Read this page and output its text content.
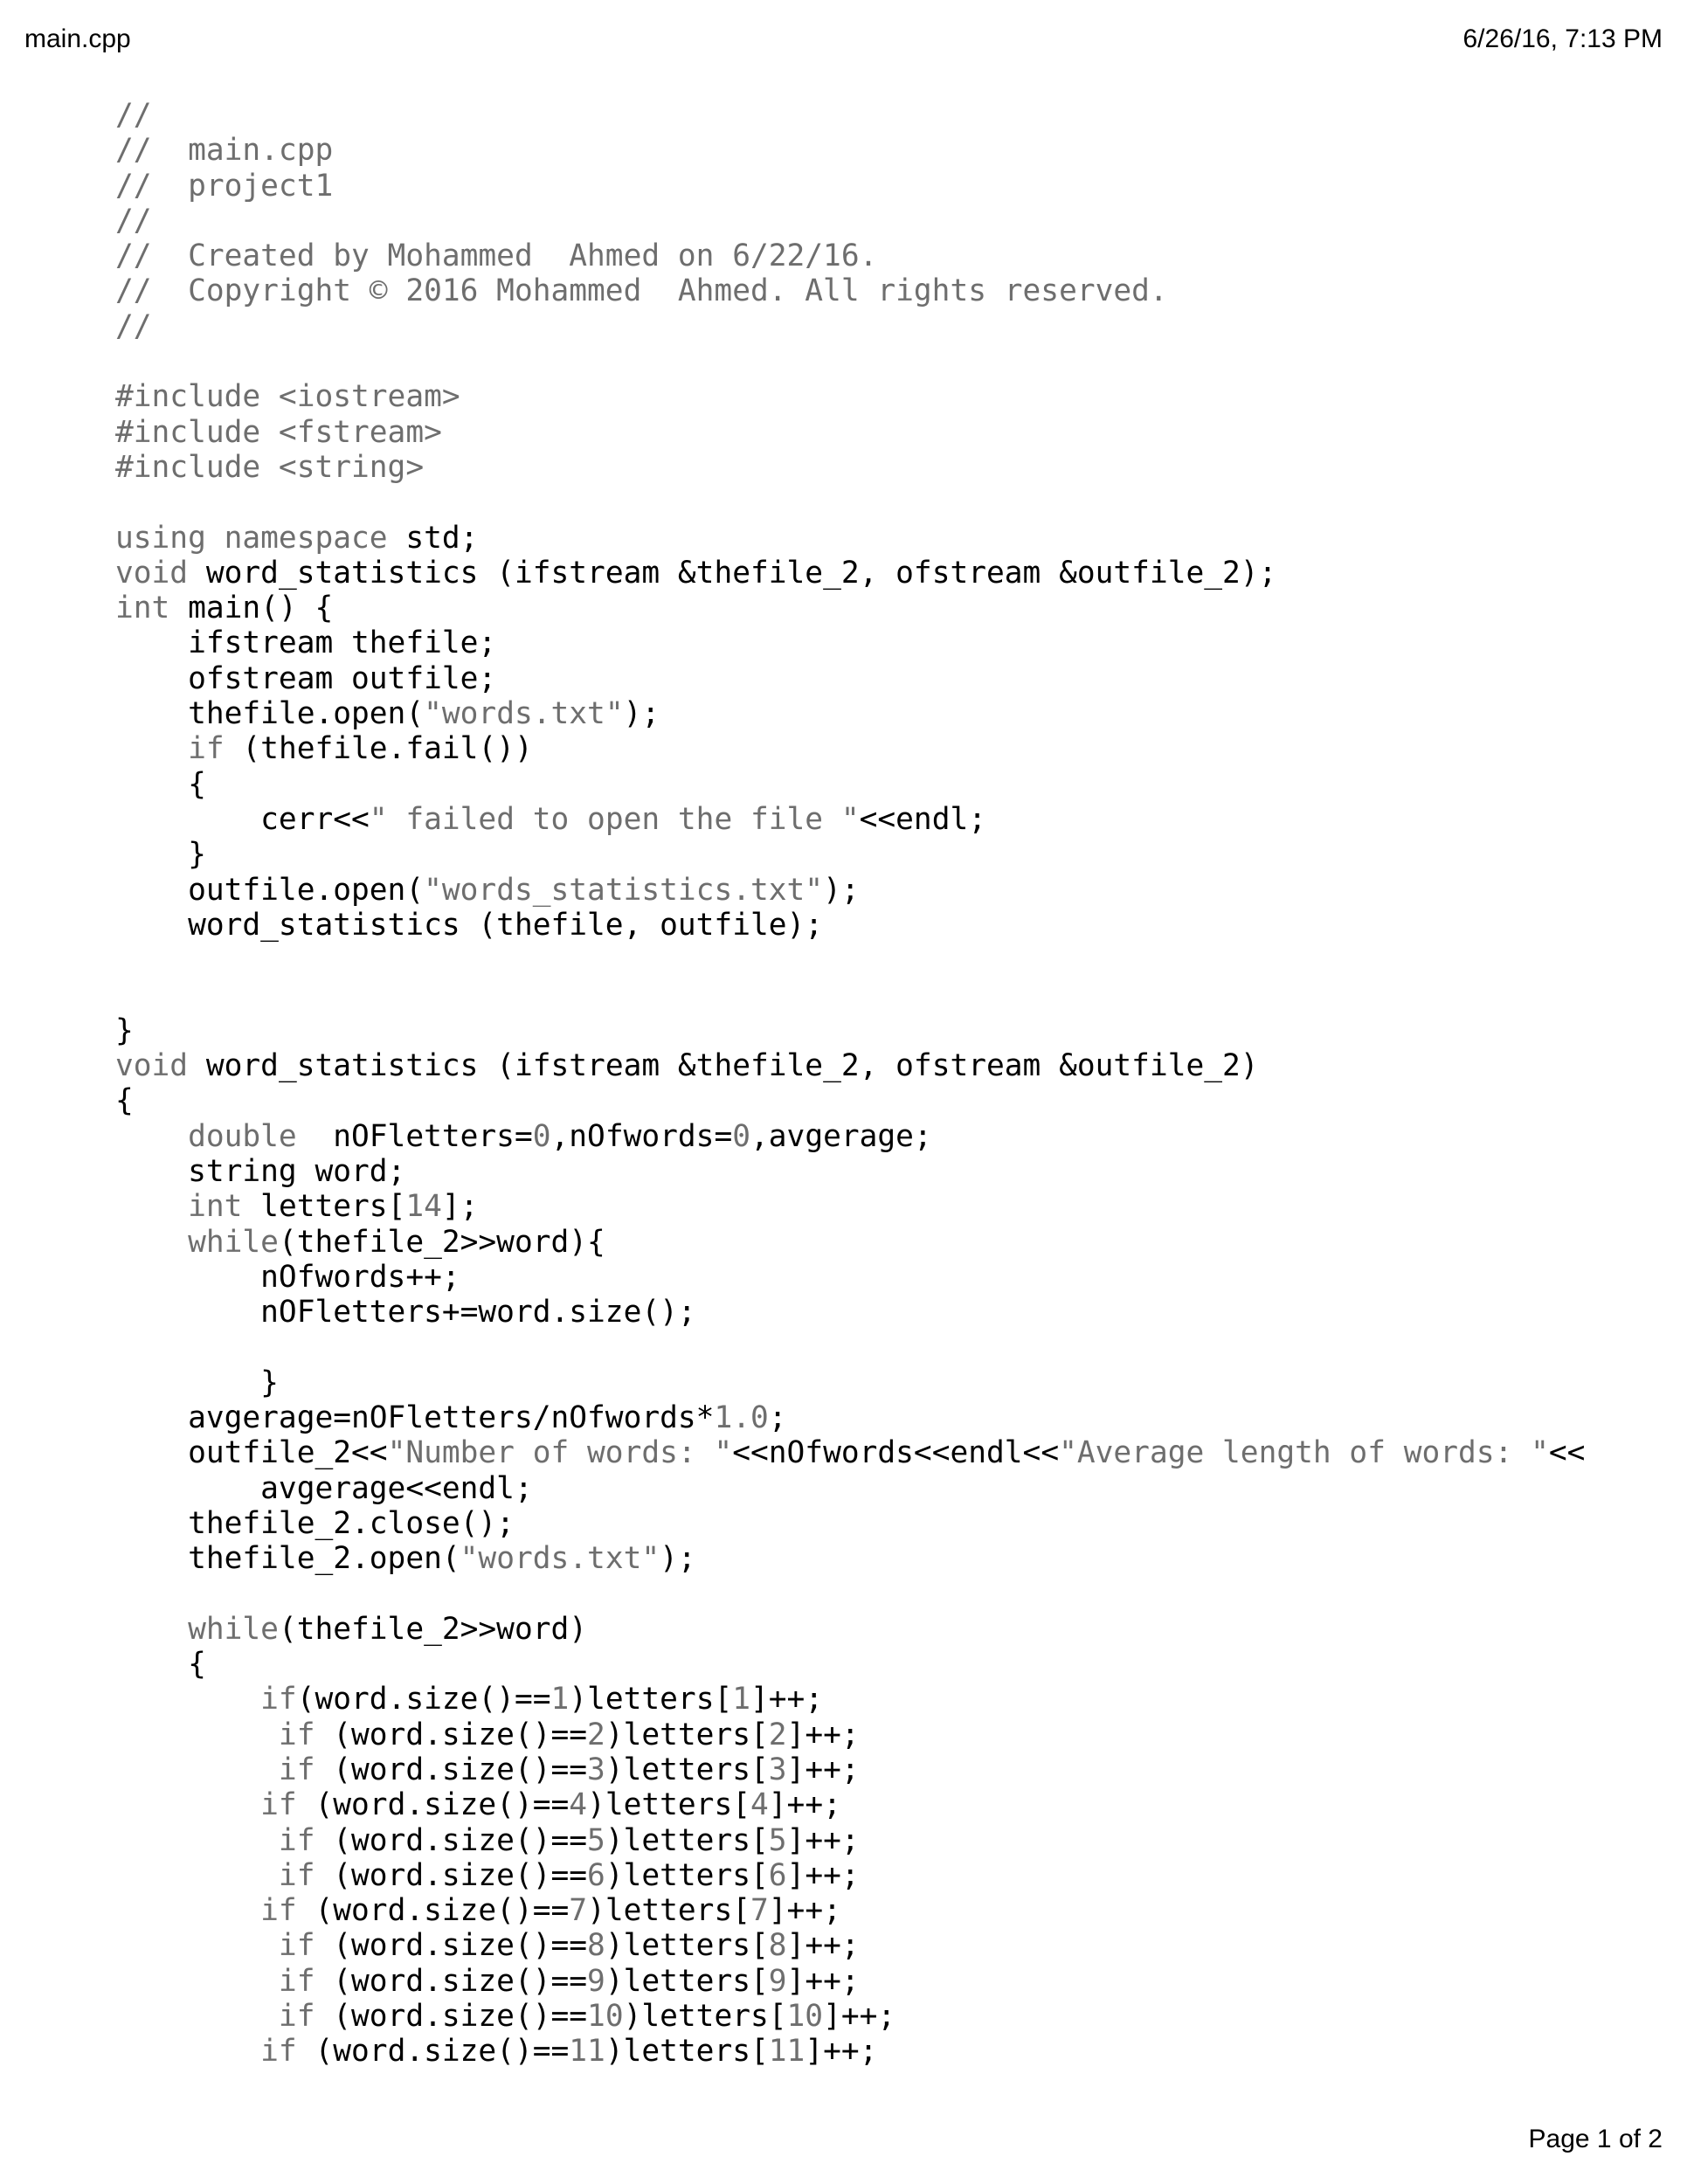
main.cpp	6/26/16, 7:13 PM
//
//  main.cpp
//  project1
//
//  Created by Mohammed  Ahmed on 6/22/16.
//  Copyright © 2016 Mohammed  Ahmed. All rights reserved.
//
#include <iostream>
#include <fstream>
#include <string>
using namespace std;
void word_statistics (ifstream &thefile_2, ofstream &outfile_2);
int main() {
ifstream thefile;
ofstream outfile;
thefile.open("words.txt");
if (thefile.fail())
{
cerr<<" failed to open the file "<<endl;
}
outfile.open("words_statistics.txt");
word_statistics (thefile, outfile);
}
void word_statistics (ifstream &thefile_2, ofstream &outfile_2)
{
double  nOFletters=0,nOfwords=0,avgerage;
string word;
int letters[14];
while(thefile_2>>word){
nOfwords++;
nOFletters+=word.size();
}
avgerage=nOFletters/nOfwords*1.0;
outfile_2<<"Number of words: "<<nOfwords<<endl<<"Average length of words: "<<
avgerage<<endl;
thefile_2.close();
thefile_2.open("words.txt");
while(thefile_2>>word)
{
if(word.size()==1)letters[1]++;
if (word.size()==2)letters[2]++;
if (word.size()==3)letters[3]++;
if (word.size()==4)letters[4]++;
if (word.size()==5)letters[5]++;
if (word.size()==6)letters[6]++;
if (word.size()==7)letters[7]++;
if (word.size()==8)letters[8]++;
if (word.size()==9)letters[9]++;
if (word.size()==10)letters[10]++;
if (word.size()==11)letters[11]++;
Page 1 of 2
